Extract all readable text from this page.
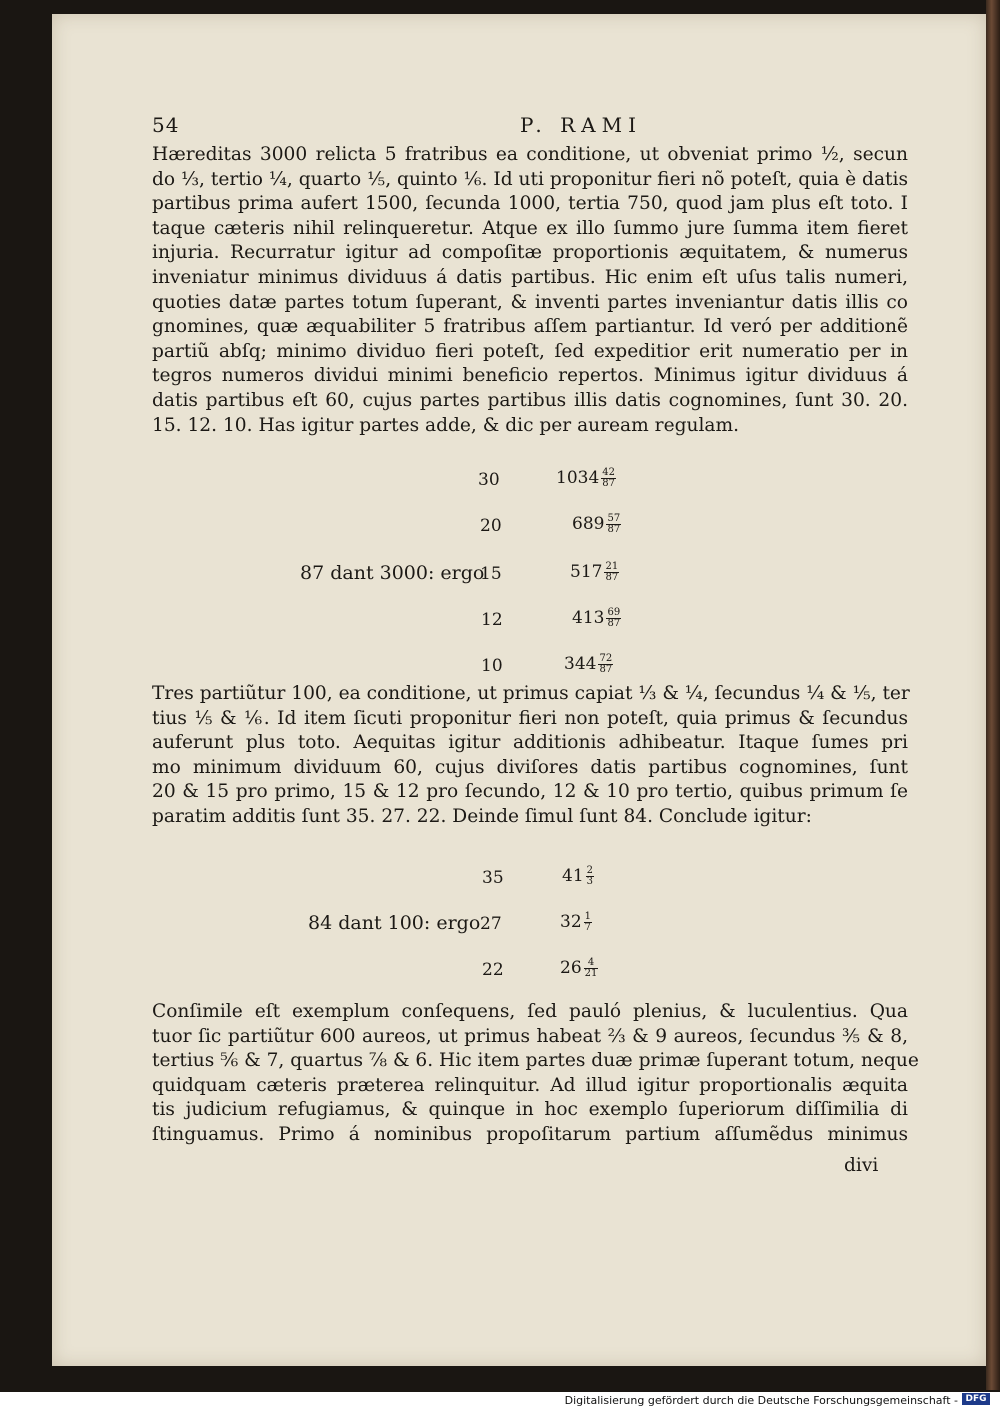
54	P. RAMI
Hæreditas 3000 relicta 5 fratribus ea conditione, ut obveniat primo ½, secun
do ⅓, tertio ¼, quarto ⅕, quinto ⅙. Id uti proponitur fieri nõ poteſt, quia è datis
partibus prima aufert 1500, ſecunda 1000, tertia 750, quod jam plus eſt toto. I
taque cæteris nihil relinqueretur. Atque ex illo ſummo jure ſumma item fieret
injuria. Recurratur igitur ad compoſitæ proportionis æquitatem, & numerus
inveniatur minimus dividuus á datis partibus. Hic enim eſt uſus talis numeri,
quoties datæ partes totum ſuperant, & inventi partes inveniantur datis illis co
gnomines, quæ æquabiliter 5 fratribus aſſem partiantur. Id veró per additionẽ
partiũ abſq; minimo dividuo fieri poteſt, ſed expeditior erit numeratio per in
tegros numeros dividui minimi beneficio repertos. Minimus igitur dividuus á
datis partibus eſt 60, cujus partes partibus illis datis cognomines, ſunt 30. 20.
15. 12. 10. Has igitur partes adde, & dic per auream regulam.
87 dant 3000: ergo
30	$1034 \frac{42}{87}$
20	$689 \frac{57}{87}$
15	$517 \frac{21}{87}$
12	$413 \frac{69}{87}$
10	$344 \frac{72}{87}$
Tres partiũtur 100, ea conditione, ut primus capiat ⅓ & ¼, ſecundus ¼ & ⅕, ter
tius ⅕ & ⅙. Id item ſicuti proponitur fieri non poteſt, quia primus & ſecundus
auferunt plus toto. Aequitas igitur additionis adhibeatur. Itaque ſumes pri
mo minimum dividuum 60, cujus diviſores datis partibus cognomines, ſunt
20 & 15 pro primo, 15 & 12 pro ſecundo, 12 & 10 pro tertio, quibus primum ſe
paratim additis ſunt 35. 27. 22. Deinde ſimul ſunt 84. Conclude igitur:
84 dant 100: ergo
35	$41 \frac{2}{3}$
27	$32 \frac{1}{7}$
22	$26 \frac{4}{21}$
Conſimile eſt exemplum conſequens, ſed pauló plenius, & luculentius. Qua
tuor ſic partiũtur 600 aureos, ut primus habeat ⅔ & 9 aureos, ſecundus ⅗ & 8,
tertius ⅚ & 7, quartus ⅞ & 6. Hic item partes duæ primæ ſuperant totum, neque
quidquam cæteris præterea relinquitur. Ad illud igitur proportionalis æquita
tis judicium refugiamus, & quinque in hoc exemplo ſuperiorum diſſimilia di
ſtinguamus. Primo á nominibus propoſitarum partium aſſumẽdus minimus
divi
Digitalisierung gefördert durch die Deutsche Forschungsgemeinschaft - DFG
